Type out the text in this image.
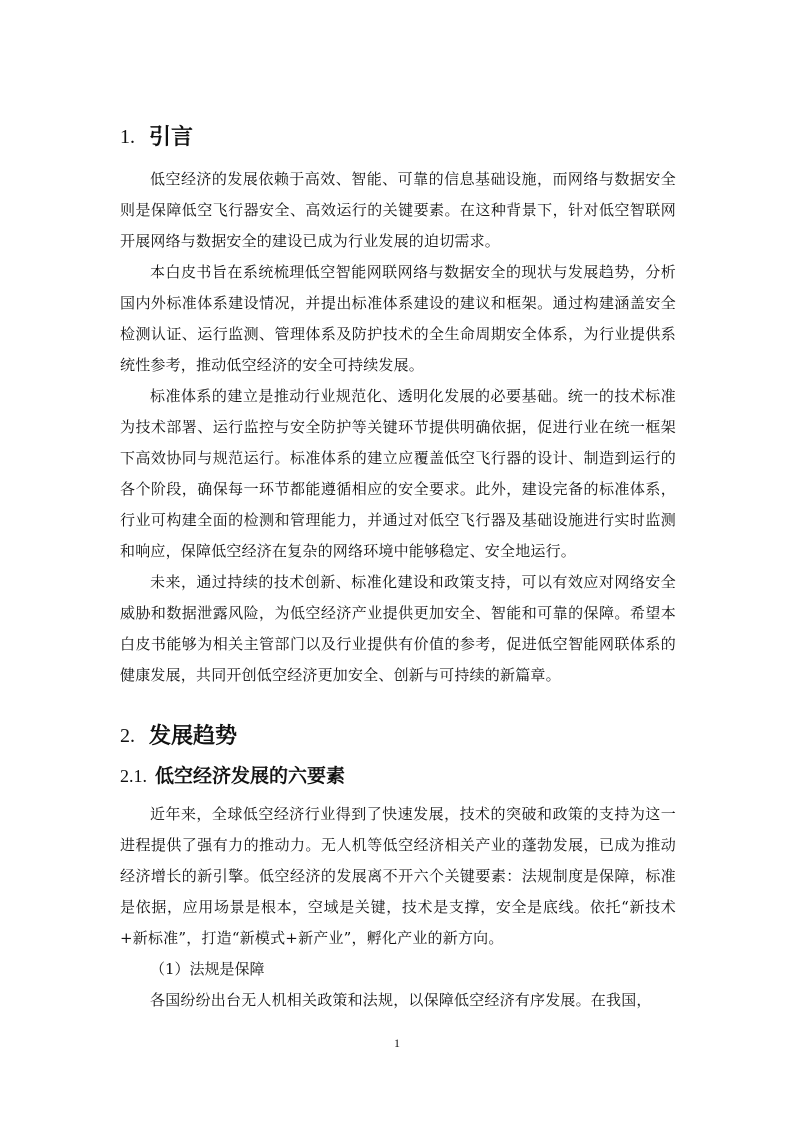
1. 引言

低空经济的发展依赖于高效、智能、可靠的信息基础设施，而网络与数据安全则是保障低空飞行器安全、高效运行的关键要素。在这种背景下，针对低空智联网开展网络与数据安全的建设已成为行业发展的迫切需求。

本白皮书旨在系统梳理低空智能网联网络与数据安全的现状与发展趋势，分析国内外标准体系建设情况，并提出标准体系建设的建议和框架。通过构建涵盖安全检测认证、运行监测、管理体系及防护技术的全生命周期安全体系，为行业提供系统性参考，推动低空经济的安全可持续发展。

标准体系的建立是推动行业规范化、透明化发展的必要基础。统一的技术标准为技术部署、运行监控与安全防护等关键环节提供明确依据，促进行业在统一框架下高效协同与规范运行。标准体系的建立应覆盖低空飞行器的设计、制造到运行的各个阶段，确保每一环节都能遵循相应的安全要求。此外，建设完备的标准体系，行业可构建全面的检测和管理能力，并通过对低空飞行器及基础设施进行实时监测和响应，保障低空经济在复杂的网络环境中能够稳定、安全地运行。

未来，通过持续的技术创新、标准化建设和政策支持，可以有效应对网络安全威胁和数据泄露风险，为低空经济产业提供更加安全、智能和可靠的保障。希望本白皮书能够为相关主管部门以及行业提供有价值的参考，促进低空智能网联体系的健康发展，共同开创低空经济更加安全、创新与可持续的新篇章。

2. 发展趋势
2.1. 低空经济发展的六要素

近年来，全球低空经济行业得到了快速发展，技术的突破和政策的支持为这一进程提供了强有力的推动力。无人机等低空经济相关产业的蓬勃发展，已成为推动经济增长的新引擎。低空经济的发展离不开六个关键要素：法规制度是保障，标准是依据，应用场景是根本，空域是关键，技术是支撑，安全是底线。依托“新技术+新标准”，打造“新模式+新产业”，孵化产业的新方向。

（1）法规是保障

各国纷纷出台无人机相关政策和法规，以保障低空经济有序发展。在我国，

1
